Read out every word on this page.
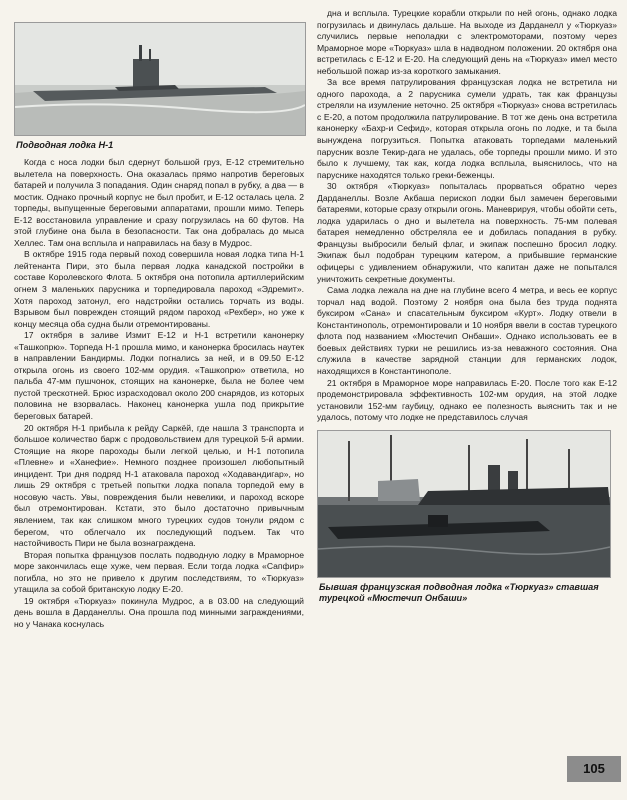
Подводная лодка Н-1

Когда с носа лодки был сдернут большой груз, Е-12 стремительно вылетела на поверхность. Она оказалась прямо напротив береговых батарей и получила 3 попадания. Один снаряд попал в рубку, а два — в мостик. Однако прочный корпус не был пробит, и Е-12 осталась цела. 2 торпеды, выпущенные береговыми аппаратами, прошли мимо. Теперь Е-12 восстановила управление и сразу погрузилась на 60 футов. На этой глубине она была в безопасности. Так она добралась до мыса Хеллес. Там она всплыла и направилась на базу в Мудрос.

В октябре 1915 года первый поход совершила новая лодка типа Н-1 лейтенанта Пири, это была первая лодка канадской постройки в составе Королевского Флота. 5 октября она потопила артиллерийским огнем 3 маленьких парусника и торпедировала пароход «Эдремит». Хотя пароход затонул, его надстройки остались торчать из воды. Взрывом был поврежден стоящий рядом пароход «Рехбер», но уже к концу месяца оба судна были отремонтированы.

17 октября в заливе Измит Е-12 и Н-1 встретили канонерку «Ташкопрю». Торпеда Н-1 прошла мимо, и канонерка бросилась наутек в направлении Бандирмы. Лодки погнались за ней, и в 09.50 Е-12 открыла огонь из своего 102-мм орудия. «Ташкопрю» ответила, но пальба 47-мм пушчонок, стоящих на канонерке, была не более чем пустой трескотней. Брюс израсходовал около 200 снарядов, из которых половина не взорвалась. Наконец канонерка ушла под прикрытие береговых батарей.

20 октября Н-1 прибыла к рейду Саркёй, где нашла 3 транспорта и большое количество барж с продовольствием для турецкой 5-й армии. Стоящие на якоре пароходы были легкой целью, и Н-1 потопила «Плевне» и «Ханефие». Немного позднее произошел любопытный инцидент. Три дня подряд Н-1 атаковала пароход «Ходавандигар», но лишь 29 октября с третьей попытки лодка попала торпедой ему в носовую часть. Увы, повреждения были невелики, и пароход вскоре был отремонтирован. Кстати, это было достаточно привычным явлением, так как слишком много турецких судов тонули рядом с берегом, что облегчало их последующий подъем. Так что настойчивость Пири не была вознаграждена.

Вторая попытка французов послать подводную лодку в Мраморное море закончилась еще хуже, чем первая. Если тогда лодка «Сапфир» погибла, но это не привело к другим последствиям, то «Тюркуаз» утащила за собой британскую лодку Е-20.

19 октября «Тюркуаз» покинула Мудрос, а в 03.00 на следующий день вошла в Дарданеллы. Она прошла под минными заграждениями, но у Чанака коснулась

дна и всплыла. Турецкие корабли открыли по ней огонь, однако лодка погрузилась и двинулась дальше. На выходе из Дарданелл у «Тюркуаз» случились первые неполадки с электромоторами, поэтому через Мраморное море «Тюркуаз» шла в надводном положении. 20 октября она встретилась с Е-12 и Е-20. На следующий день на «Тюркуаз» имел место небольшой пожар из-за короткого замыкания.

За все время патрулирования французская лодка не встретила ни одного парохода, а 2 парусника сумели удрать, так как французы стреляли на изумление неточно. 25 октября «Тюркуаз» снова встретилась с Е-20, а потом продолжила патрулирование. В тот же день она встретила канонерку «Бахр-и Сефид», которая открыла огонь по лодке, и та была вынуждена погрузиться. Попытка атаковать торпедами маленький парусник возле Текир-дага не удалась, обе торпеды прошли мимо. И это было к лучшему, так как, когда лодка всплыла, выяснилось, что на паруснике находятся только греки-беженцы.

30 октября «Тюркуаз» попыталась прорваться обратно через Дарданеллы. Возле Акбаша перископ лодки был замечен береговыми батареями, которые сразу открыли огонь. Маневрируя, чтобы обойти сеть, лодка ударилась о дно и вылетела на поверхность. 75-мм полевая батарея немедленно обстреляла ее и добилась попадания в рубку. Французы выбросили белый флаг, и экипаж поспешно бросил лодку. Экипаж был подобран турецким катером, а прибывшие германские офицеры с удивлением обнаружили, что капитан даже не попытался уничтожить секретные документы.

Сама лодка лежала на дне на глубине всего 4 метра, и весь ее корпус торчал над водой. Поэтому 2 ноября она была без труда поднята буксиром «Сана» и спасательным буксиром «Курт». Лодку отвели в Константинополь, отремонтировали и 10 ноября ввели в состав турецкого флота под названием «Мюстечип Онбаши». Однако использовать ее в боевых действиях турки не решились из-за неважного состояния. Она служила в качестве зарядной станции для германских лодок, находящихся в Константинополе.

21 октября в Мраморное море направилась Е-20. После того как Е-12 продемонстрировала эффективность 102-мм орудия, на этой лодке установили 152-мм гаубицу, однако ее полезность выяснить так и не удалось, потому что лодке не представилось случая

Бывшая французская подводная лодка «Тюркуаз» ставшая турецкой «Мюстечип Онбаши»
105
